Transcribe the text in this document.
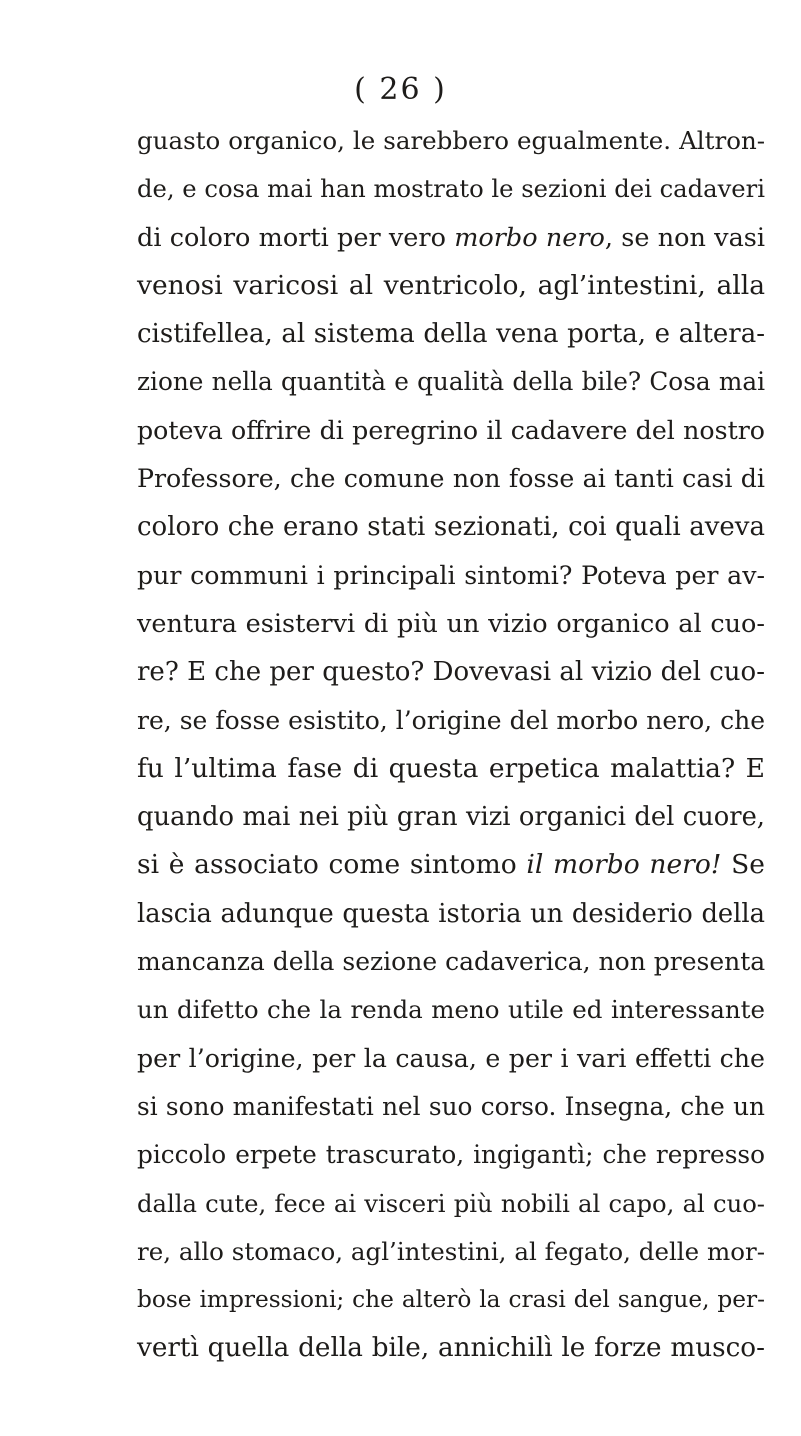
( 26 )
guasto organico, le sarebbero egualmente. Altron-
de, e cosa mai han mostrato le sezioni dei cadaveri
di coloro morti per vero morbo nero, se non vasi
venosi varicosi al ventricolo, agl’intestini, alla
cistifellea, al sistema della vena porta, e altera-
zione nella quantità e qualità della bile? Cosa mai
poteva offrire di peregrino il cadavere del nostro
Professore, che comune non fosse ai tanti casi di
coloro che erano stati sezionati, coi quali aveva
pur communi i principali sintomi? Poteva per av-
ventura esistervi di più un vizio organico al cuo-
re? E che per questo? Dovevasi al vizio del cuo-
re, se fosse esistito, l’origine del morbo nero, che
fu l’ultima fase di questa erpetica malattia? E
quando mai nei più gran vizi organici del cuore,
si è associato come sintomo il morbo nero! Se
lascia adunque questa istoria un desiderio della
mancanza della sezione cadaverica, non presenta
un difetto che la renda meno utile ed interessante
per l’origine, per la causa, e per i vari effetti che
si sono manifestati nel suo corso. Insegna, che un
piccolo erpete trascurato, ingigantì; che represso
dalla cute, fece ai visceri più nobili al capo, al cuo-
re, allo stomaco, agl’intestini, al fegato, delle mor-
bose impressioni; che alterò la crasi del sangue, per-
vertì quella della bile, annichilì le forze musco-
